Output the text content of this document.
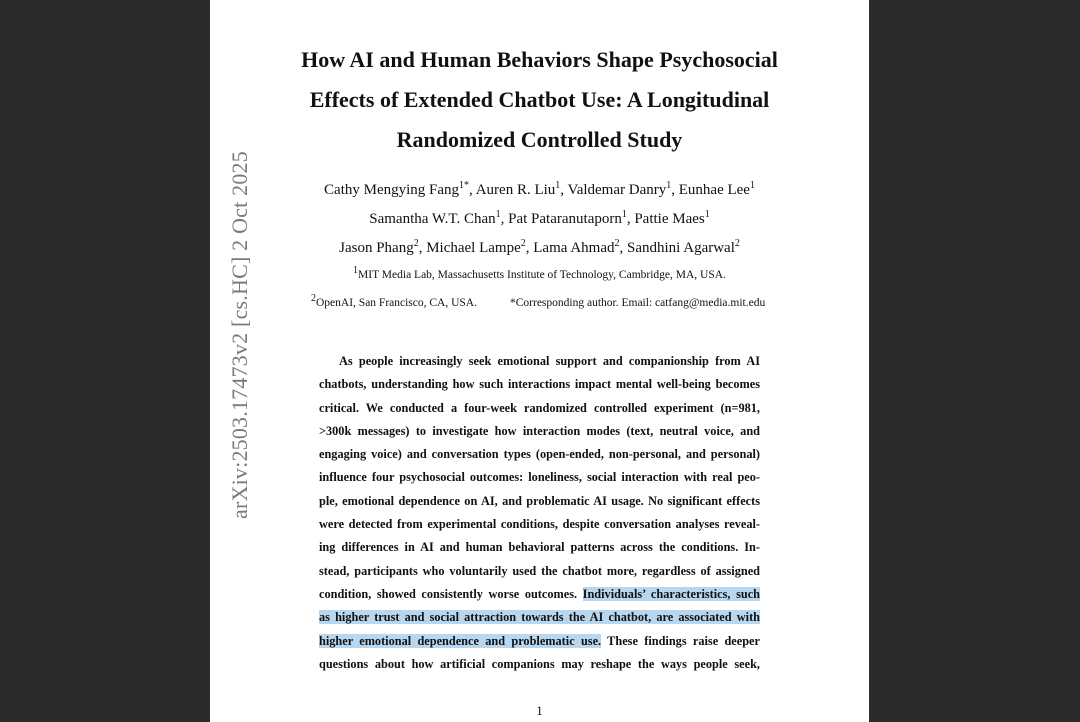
arXiv:2503.17473v2 [cs.HC] 2 Oct 2025
How AI and Human Behaviors Shape Psychosocial
Effects of Extended Chatbot Use: A Longitudinal
Randomized Controlled Study
Cathy Mengying Fang$^{1*}$, Auren R. Liu$^1$, Valdemar Danry$^1$, Eunhae Lee$^1$
Samantha W.T. Chan$^1$, Pat Pataranutaporn$^1$, Pattie Maes$^1$
Jason Phang$^2$, Michael Lampe$^2$, Lama Ahmad$^2$, Sandhini Agarwal$^2$
$^1$MIT Media Lab, Massachusetts Institute of Technology, Cambridge, MA, USA.
$^2$OpenAI, San Francisco, CA, USA.	*Corresponding author. Email: catfang@media.mit.edu
As people increasingly seek emotional support and companionship from AI
chatbots, understanding how such interactions impact mental well-being becomes
critical. We conducted a four-week randomized controlled experiment (n=981,
>300k messages) to investigate how interaction modes (text, neutral voice, and
engaging voice) and conversation types (open-ended, non-personal, and personal)
influence four psychosocial outcomes: loneliness, social interaction with real peo-
ple, emotional dependence on AI, and problematic AI usage. No significant effects
were detected from experimental conditions, despite conversation analyses reveal-
ing differences in AI and human behavioral patterns across the conditions. In-
stead, participants who voluntarily used the chatbot more, regardless of assigned
condition, showed consistently worse outcomes. Individuals’ characteristics, such
as higher trust and social attraction towards the AI chatbot, are associated with
higher emotional dependence and problematic use. These findings raise deeper
questions about how artificial companions may reshape the ways people seek,
1
